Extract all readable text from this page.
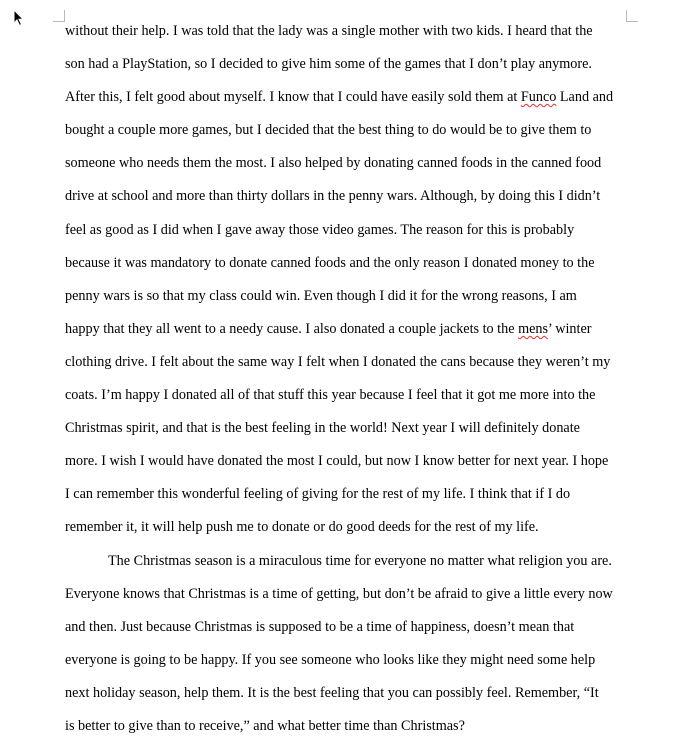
without their help. I was told that the lady was a single mother with two kids. I heard that the
son had a PlayStation, so I decided to give him some of the games that I don’t play anymore.
After this, I felt good about myself. I know that I could have easily sold them at Funco Land and
bought a couple more games, but I decided that the best thing to do would be to give them to
someone who needs them the most. I also helped by donating canned foods in the canned food
drive at school and more than thirty dollars in the penny wars. Although, by doing this I didn’t
feel as good as I did when I gave away those video games. The reason for this is probably
because it was mandatory to donate canned foods and the only reason I donated money to the
penny wars is so that my class could win. Even though I did it for the wrong reasons, I am
happy that they all went to a needy cause. I also donated a couple jackets to the mens’ winter
clothing drive. I felt about the same way I felt when I donated the cans because they weren’t my
coats. I’m happy I donated all of that stuff this year because I feel that it got me more into the
Christmas spirit, and that is the best feeling in the world! Next year I will definitely donate
more. I wish I would have donated the most I could, but now I know better for next year. I hope
I can remember this wonderful feeling of giving for the rest of my life. I think that if I do
remember it, it will help push me to donate or do good deeds for the rest of my life.
The Christmas season is a miraculous time for everyone no matter what religion you are.
Everyone knows that Christmas is a time of getting, but don’t be afraid to give a little every now
and then. Just because Christmas is supposed to be a time of happiness, doesn’t mean that
everyone is going to be happy. If you see someone who looks like they might need some help
next holiday season, help them. It is the best feeling that you can possibly feel. Remember, “It
is better to give than to receive,” and what better time than Christmas?
